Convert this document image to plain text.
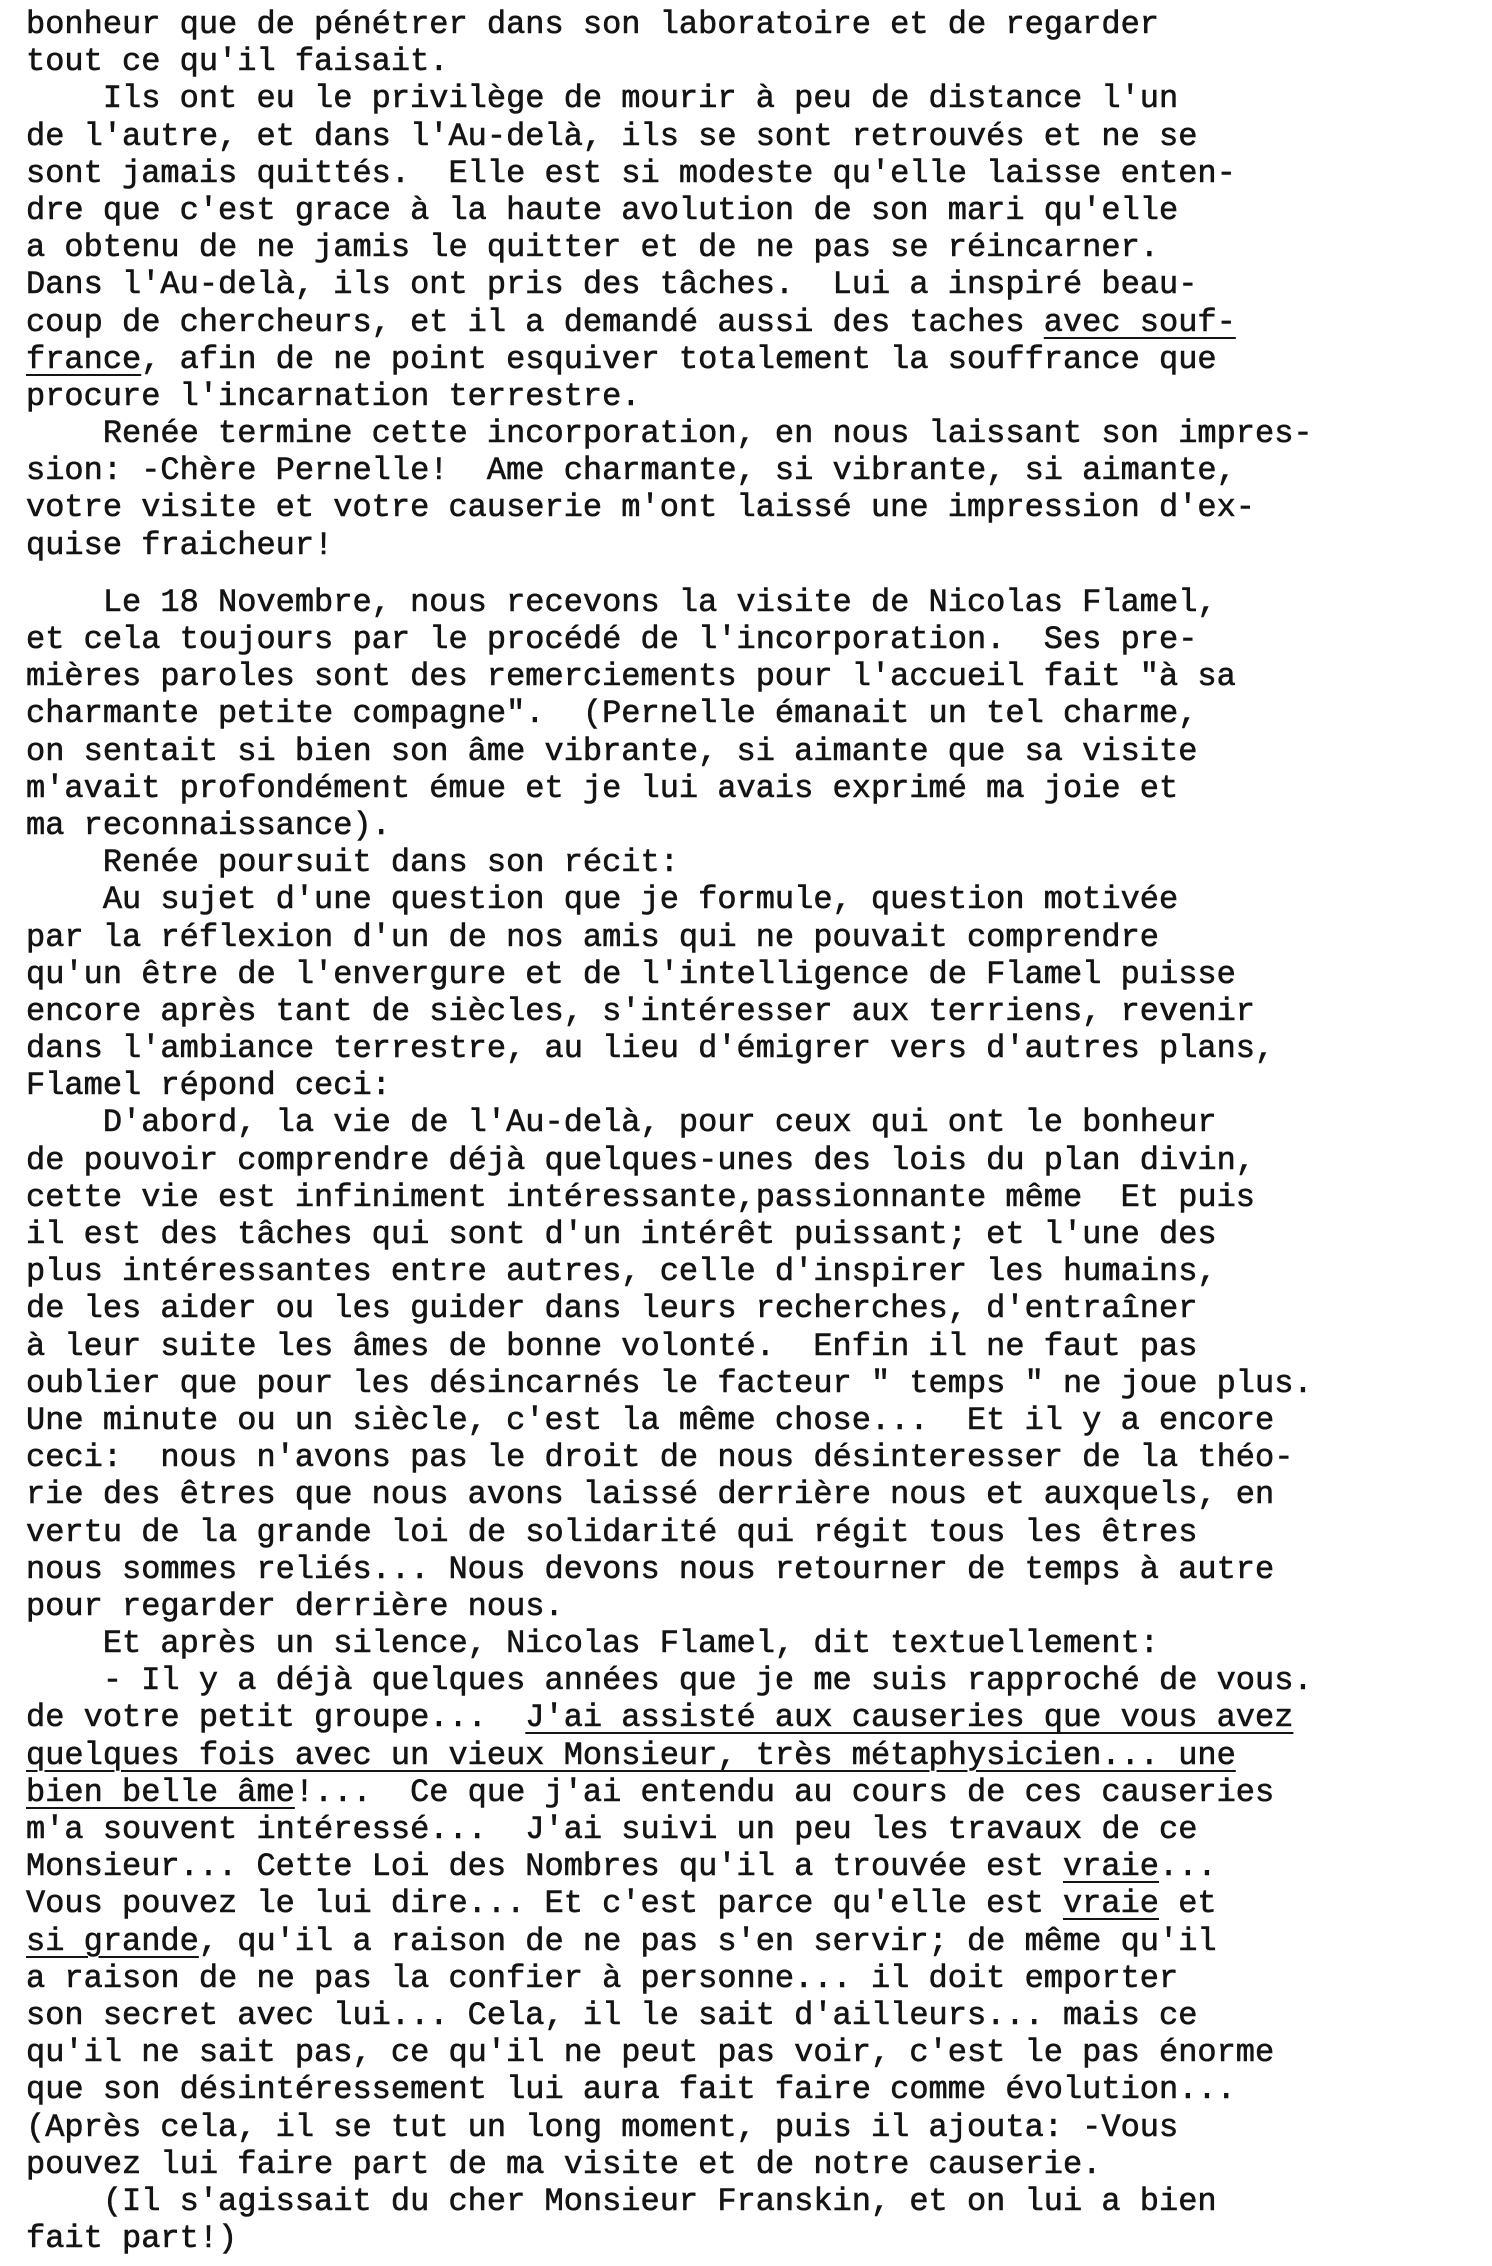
bonheur que de pénétrer dans son laboratoire et de regarder
tout ce qu'il faisait.
Ils ont eu le privilège de mourir à peu de distance l'un
de l'autre, et dans l'Au-delà, ils se sont retrouvés et ne se
sont jamais quittés.  Elle est si modeste qu'elle laisse enten-
dre que c'est grace à la haute avolution de son mari qu'elle
a obtenu de ne jamis le quitter et de ne pas se réincarner.
Dans l'Au-delà, ils ont pris des tâches.  Lui a inspiré beau-
coup de chercheurs, et il a demandé aussi des taches avec souf-
france, afin de ne point esquiver totalement la souffrance que
procure l'incarnation terrestre.
Renée termine cette incorporation, en nous laissant son impres-
sion: -Chère Pernelle!  Ame charmante, si vibrante, si aimante,
votre visite et votre causerie m'ont laissé une impression d'ex-
quise fraicheur!
Le 18 Novembre, nous recevons la visite de Nicolas Flamel,
et cela toujours par le procédé de l'incorporation.  Ses pre-
mières paroles sont des remerciements pour l'accueil fait "à sa
charmante petite compagne".  (Pernelle émanait un tel charme,
on sentait si bien son âme vibrante, si aimante que sa visite
m'avait profondément émue et je lui avais exprimé ma joie et
ma reconnaissance).
Renée poursuit dans son récit:
Au sujet d'une question que je formule, question motivée
par la réflexion d'un de nos amis qui ne pouvait comprendre
qu'un être de l'envergure et de l'intelligence de Flamel puisse
encore après tant de siècles, s'intéresser aux terriens, revenir
dans l'ambiance terrestre, au lieu d'émigrer vers d'autres plans,
Flamel répond ceci:
D'abord, la vie de l'Au-delà, pour ceux qui ont le bonheur
de pouvoir comprendre déjà quelques-unes des lois du plan divin,
cette vie est infiniment intéressante,passionnante même  Et puis
il est des tâches qui sont d'un intérêt puissant; et l'une des
plus intéressantes entre autres, celle d'inspirer les humains,
de les aider ou les guider dans leurs recherches, d'entraîner
à leur suite les âmes de bonne volonté.  Enfin il ne faut pas
oublier que pour les désincarnés le facteur " temps " ne joue plus.
Une minute ou un siècle, c'est la même chose...  Et il y a encore
ceci:  nous n'avons pas le droit de nous désinteresser de la théo-
rie des êtres que nous avons laissé derrière nous et auxquels, en
vertu de la grande loi de solidarité qui régit tous les êtres
nous sommes reliés... Nous devons nous retourner de temps à autre
pour regarder derrière nous.
Et après un silence, Nicolas Flamel, dit textuellement:
- Il y a déjà quelques années que je me suis rapproché de vous.
de votre petit groupe...  J'ai assisté aux causeries que vous avez
quelques fois avec un vieux Monsieur, très métaphysicien... une
bien belle âme!...  Ce que j'ai entendu au cours de ces causeries
m'a souvent intéressé...  J'ai suivi un peu les travaux de ce
Monsieur... Cette Loi des Nombres qu'il a trouvée est vraie...
Vous pouvez le lui dire... Et c'est parce qu'elle est vraie et
si grande, qu'il a raison de ne pas s'en servir; de même qu'il
a raison de ne pas la confier à personne... il doit emporter
son secret avec lui... Cela, il le sait d'ailleurs... mais ce
qu'il ne sait pas, ce qu'il ne peut pas voir, c'est le pas énorme
que son désintéressement lui aura fait faire comme évolution...
(Après cela, il se tut un long moment, puis il ajouta: -Vous
pouvez lui faire part de ma visite et de notre causerie.
(Il s'agissait du cher Monsieur Franskin, et on lui a bien
fait part!)
